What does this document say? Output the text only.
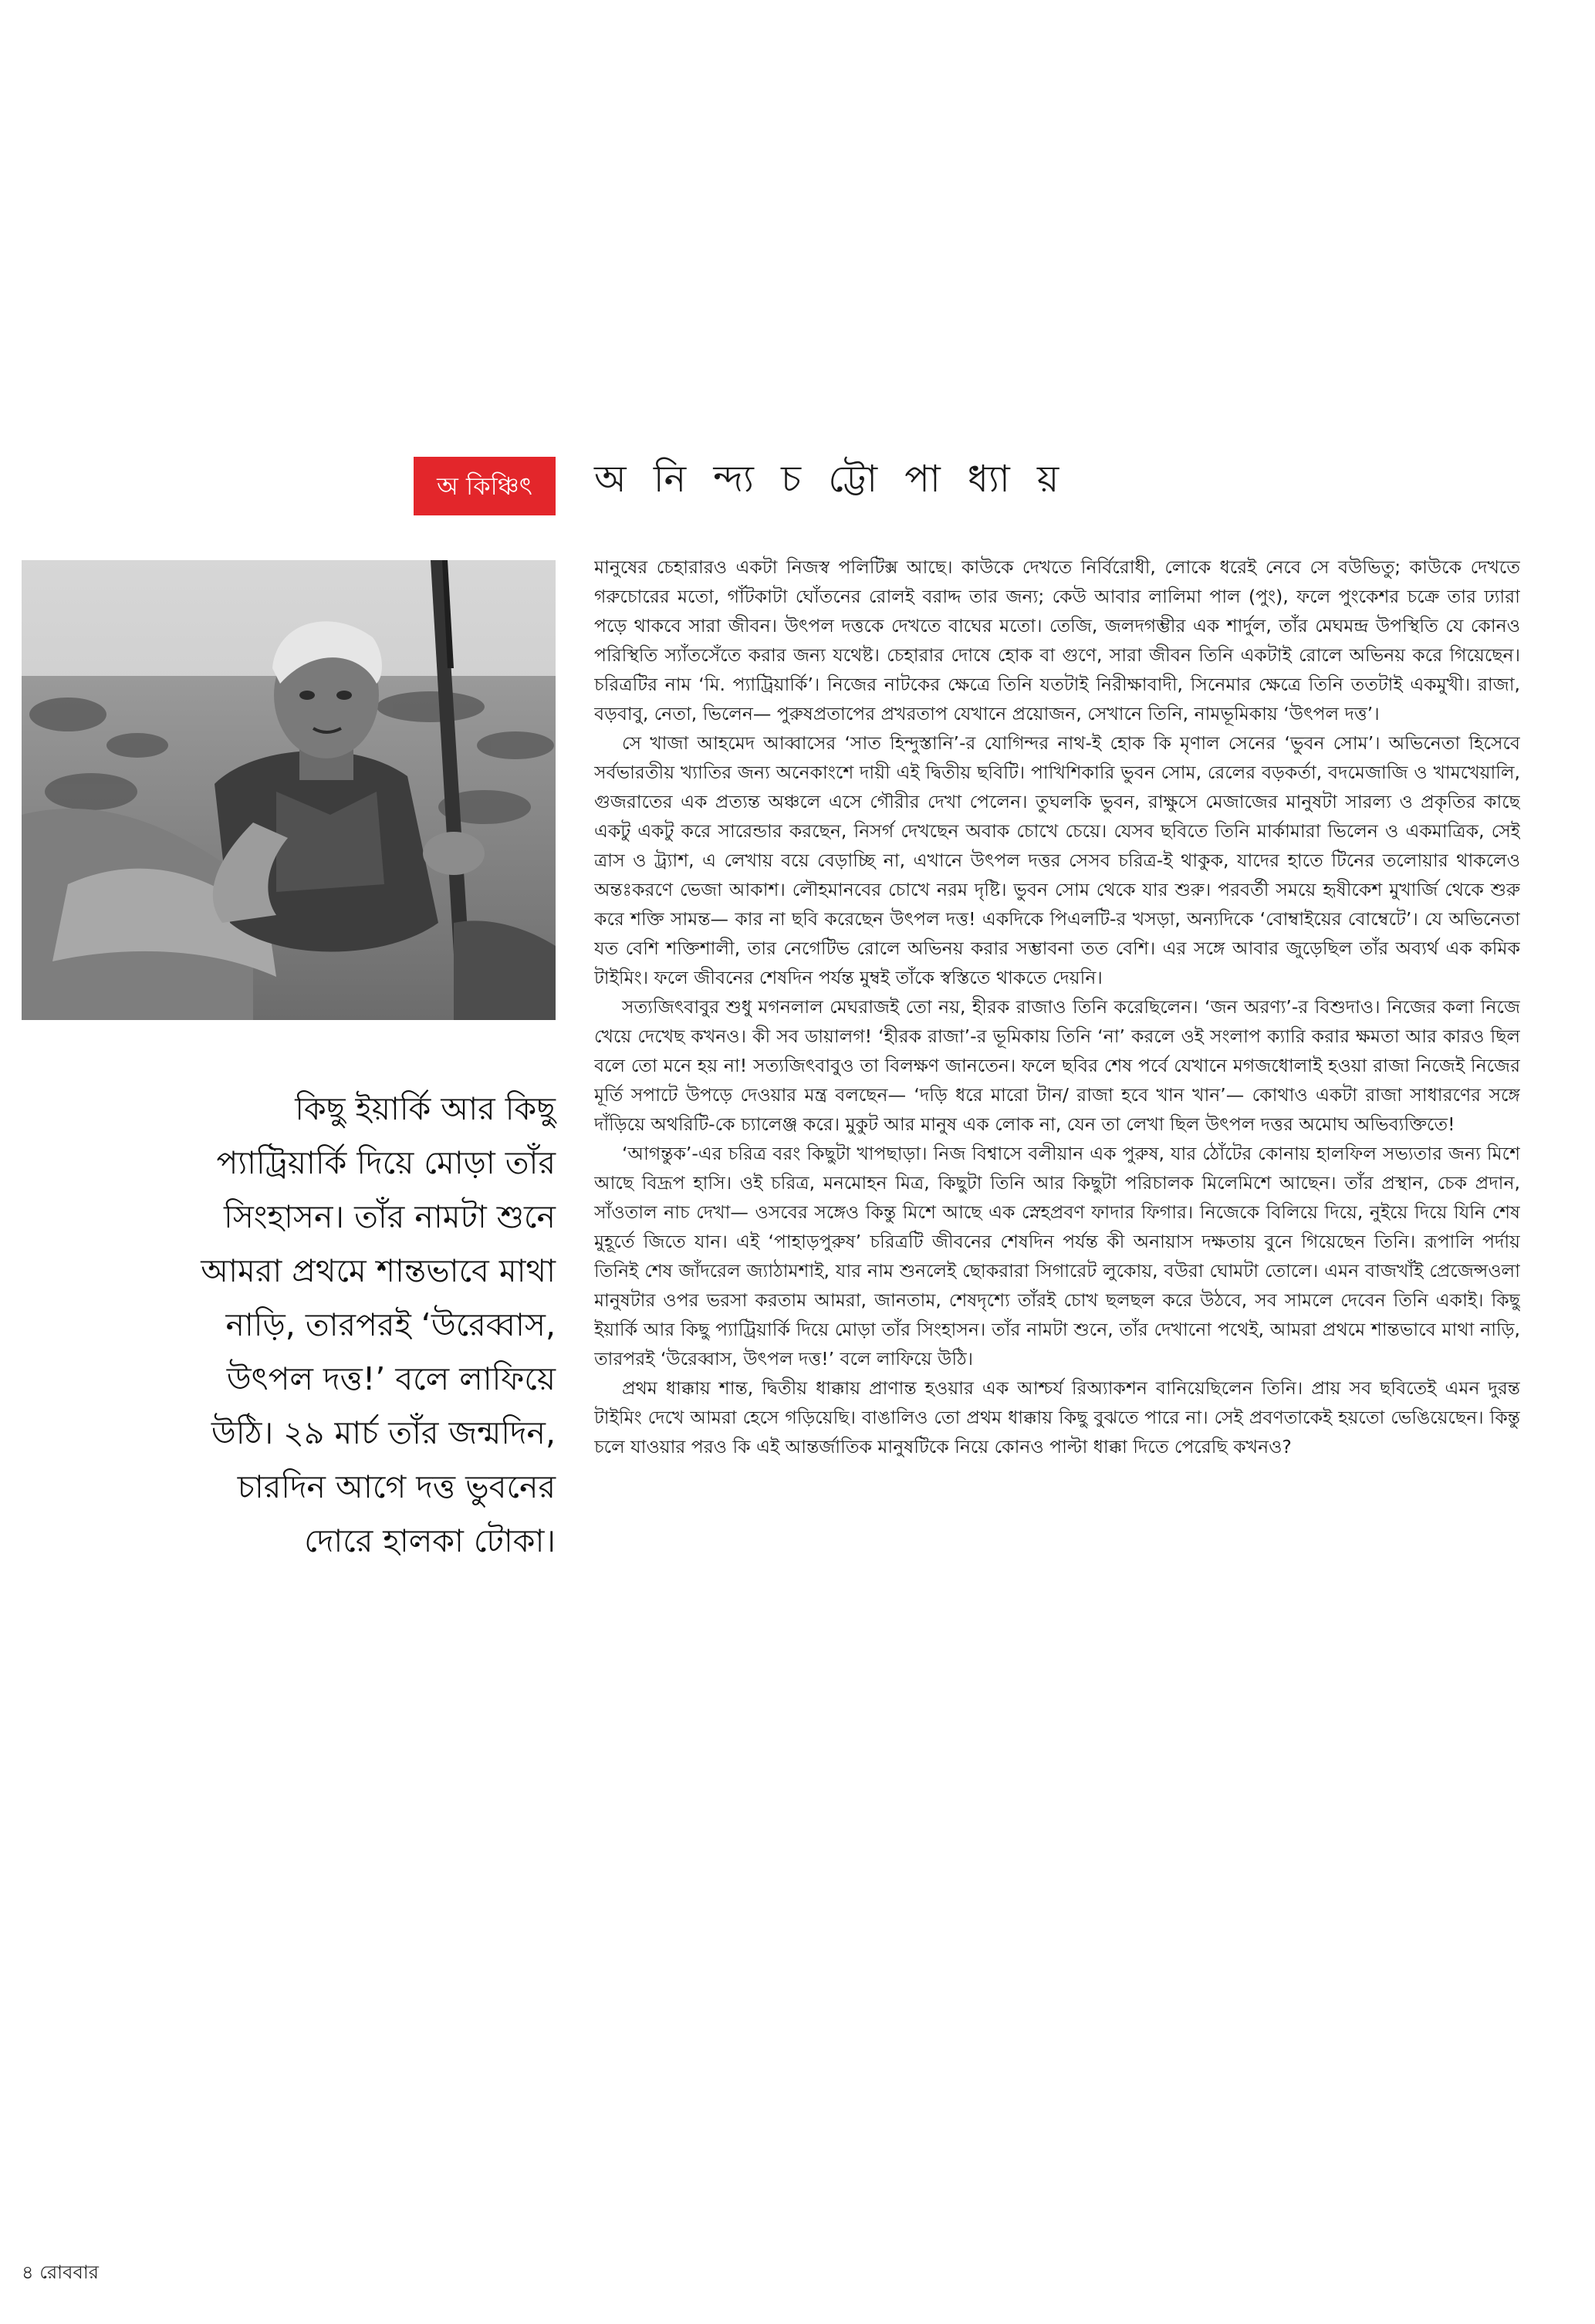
অ কিঞ্চিৎ	অ নি ন্দ্য চ ট্টো পা ধ্যা য়
কিছু ইয়ার্কি আর কিছু প্যাট্রিয়ার্কি দিয়ে মোড়া তাঁর সিংহাসন। তাঁর নামটা শুনে আমরা প্রথমে শান্তভাবে মাথা নাড়ি, তারপরই ‘উরেব্বাস, উৎপল দত্ত!’ বলে লাফিয়ে উঠি। ২৯ মার্চ তাঁর জন্মদিন, চারদিন আগে দত্ত ভুবনের দোরে হালকা টোকা।

মানুষের চেহারারও একটা নিজস্ব পলিটিক্স আছে। কাউকে দেখতে নির্বিরোধী, লোকে ধরেই নেবে সে বউভিতু; কাউকে দেখতে গরুচোরের মতো, গাঁটকাটা ঘোঁতনের রোলই বরাদ্দ তার জন্য; কেউ আবার লালিমা পাল (পুং), ফলে পুংকেশর চক্রে তার ঢ্যারা পড়ে থাকবে সারা জীবন। উৎপল দত্তকে দেখতে বাঘের মতো। তেজি, জলদগম্ভীর এক শার্দুল, তাঁর মেঘমন্দ্র উপস্থিতি যে কোনও পরিস্থিতি স্যাঁতসেঁতে করার জন্য যথেষ্ট। চেহারার দোষে হোক বা গুণে, সারা জীবন তিনি একটাই রোলে অভিনয় করে গিয়েছেন। চরিত্রটির নাম ‘মি. প্যাট্রিয়ার্কি’। নিজের নাটকের ক্ষেত্রে তিনি যতটাই নিরীক্ষাবাদী, সিনেমার ক্ষেত্রে তিনি ততটাই একমুখী। রাজা, বড়বাবু, নেতা, ভিলেন— পুরুষপ্রতাপের প্রখরতাপ যেখানে প্রয়োজন, সেখানে তিনি, নামভূমিকায় ‘উৎপল দত্ত’।

সে খাজা আহমেদ আব্বাসের ‘সাত হিন্দুস্তানি’-র যোগিন্দর নাথ-ই হোক কি মৃণাল সেনের ‘ভুবন সোম’। অভিনেতা হিসেবে সর্বভারতীয় খ্যাতির জন্য অনেকাংশে দায়ী এই দ্বিতীয় ছবিটি। পাখিশিকারি ভুবন সোম, রেলের বড়কর্তা, বদমেজাজি ও খামখেয়ালি, গুজরাতের এক প্রত্যন্ত অঞ্চলে এসে গৌরীর দেখা পেলেন। তুঘলকি ভুবন, রাক্ষুসে মেজাজের মানুষটা সারল্য ও প্রকৃতির কাছে একটু একটু করে সারেন্ডার করছেন, নিসর্গ দেখছেন অবাক চোখে চেয়ে। যেসব ছবিতে তিনি মার্কামারা ভিলেন ও একমাত্রিক, সেই ত্রাস ও ট্র্যাশ, এ লেখায় বয়ে বেড়াচ্ছি না, এখানে উৎপল দত্তর সেসব চরিত্র-ই থাকুক, যাদের হাতে টিনের তলোয়ার থাকলেও অন্তঃকরণে ভেজা আকাশ। লৌহমানবের চোখে নরম দৃষ্টি। ভুবন সোম থেকে যার শুরু। পরবর্তী সময়ে হৃষীকেশ মুখার্জি থেকে শুরু করে শক্তি সামন্ত— কার না ছবি করেছেন উৎপল দত্ত! একদিকে পিএলটি-র খসড়া, অন্যদিকে ‘বোম্বাইয়ের বোম্বেটে’। যে অভিনেতা যত বেশি শক্তিশালী, তার নেগেটিভ রোলে অভিনয় করার সম্ভাবনা তত বেশি। এর সঙ্গে আবার জুড়েছিল তাঁর অব্যর্থ এক কমিক টাইমিং। ফলে জীবনের শেষদিন পর্যন্ত মুম্বই তাঁকে স্বস্তিতে থাকতে দেয়নি।

সত্যজিৎবাবুর শুধু মগনলাল মেঘরাজই তো নয়, হীরক রাজাও তিনি করেছিলেন। ‘জন অরণ্য’-র বিশুদাও। নিজের কলা নিজে খেয়ে দেখেছ কখনও। কী সব ডায়ালগ! ‘হীরক রাজা’-র ভূমিকায় তিনি ‘না’ করলে ওই সংলাপ ক্যারি করার ক্ষমতা আর কারও ছিল বলে তো মনে হয় না! সত্যজিৎবাবুও তা বিলক্ষণ জানতেন। ফলে ছবির শেষ পর্বে যেখানে মগজধোলাই হওয়া রাজা নিজেই নিজের মূর্তি সপাটে উপড়ে দেওয়ার মন্ত্র বলছেন— ‘দড়ি ধরে মারো টান/ রাজা হবে খান খান’— কোথাও একটা রাজা সাধারণের সঙ্গে দাঁড়িয়ে অথরিটি-কে চ্যালেঞ্জ করে। মুকুট আর মানুষ এক লোক না, যেন তা লেখা ছিল উৎপল দত্তর অমোঘ অভিব্যক্তিতে!

‘আগন্তুক’-এর চরিত্র বরং কিছুটা খাপছাড়া। নিজ বিশ্বাসে বলীয়ান এক পুরুষ, যার ঠোঁটের কোনায় হালফিল সভ্যতার জন্য মিশে আছে বিদ্রূপ হাসি। ওই চরিত্র, মনমোহন মিত্র, কিছুটা তিনি আর কিছুটা পরিচালক মিলেমিশে আছেন। তাঁর প্রস্থান, চেক প্রদান, সাঁওতাল নাচ দেখা— ওসবের সঙ্গেও কিন্তু মিশে আছে এক স্নেহপ্রবণ ফাদার ফিগার। নিজেকে বিলিয়ে দিয়ে, নুইয়ে দিয়ে যিনি শেষ মুহূর্তে জিতে যান। এই ‘পাহাড়পুরুষ’ চরিত্রটি জীবনের শেষদিন পর্যন্ত কী অনায়াস দক্ষতায় বুনে গিয়েছেন তিনি। রূপালি পর্দায় তিনিই শেষ জাঁদরেল জ্যাঠামশাই, যার নাম শুনলেই ছোকরারা সিগারেট লুকোয়, বউরা ঘোমটা তোলে। এমন বাজখাঁই প্রেজেন্সওলা মানুষটার ওপর ভরসা করতাম আমরা, জানতাম, শেষদৃশ্যে তাঁরই চোখ ছলছল করে উঠবে, সব সামলে দেবেন তিনি একাই। কিছু ইয়ার্কি আর কিছু প্যাট্রিয়ার্কি দিয়ে মোড়া তাঁর সিংহাসন। তাঁর নামটা শুনে, তাঁর দেখানো পথেই, আমরা প্রথমে শান্তভাবে মাথা নাড়ি, তারপরই ‘উরেব্বাস, উৎপল দত্ত!’ বলে লাফিয়ে উঠি।

প্রথম ধাক্কায় শান্ত, দ্বিতীয় ধাক্কায় প্রাণান্ত হওয়ার এক আশ্চর্য রিঅ্যাকশন বানিয়েছিলেন তিনি। প্রায় সব ছবিতেই এমন দুরন্ত টাইমিং দেখে আমরা হেসে গড়িয়েছি। বাঙালিও তো প্রথম ধাক্কায় কিছু বুঝতে পারে না। সেই প্রবণতাকেই হয়তো ভেঙিয়েছেন। কিন্তু চলে যাওয়ার পরও কি এই আন্তর্জাতিক মানুষটিকে নিয়ে কোনও পাল্টা ধাক্কা দিতে পেরেছি কখনও?

৪ রোববার
